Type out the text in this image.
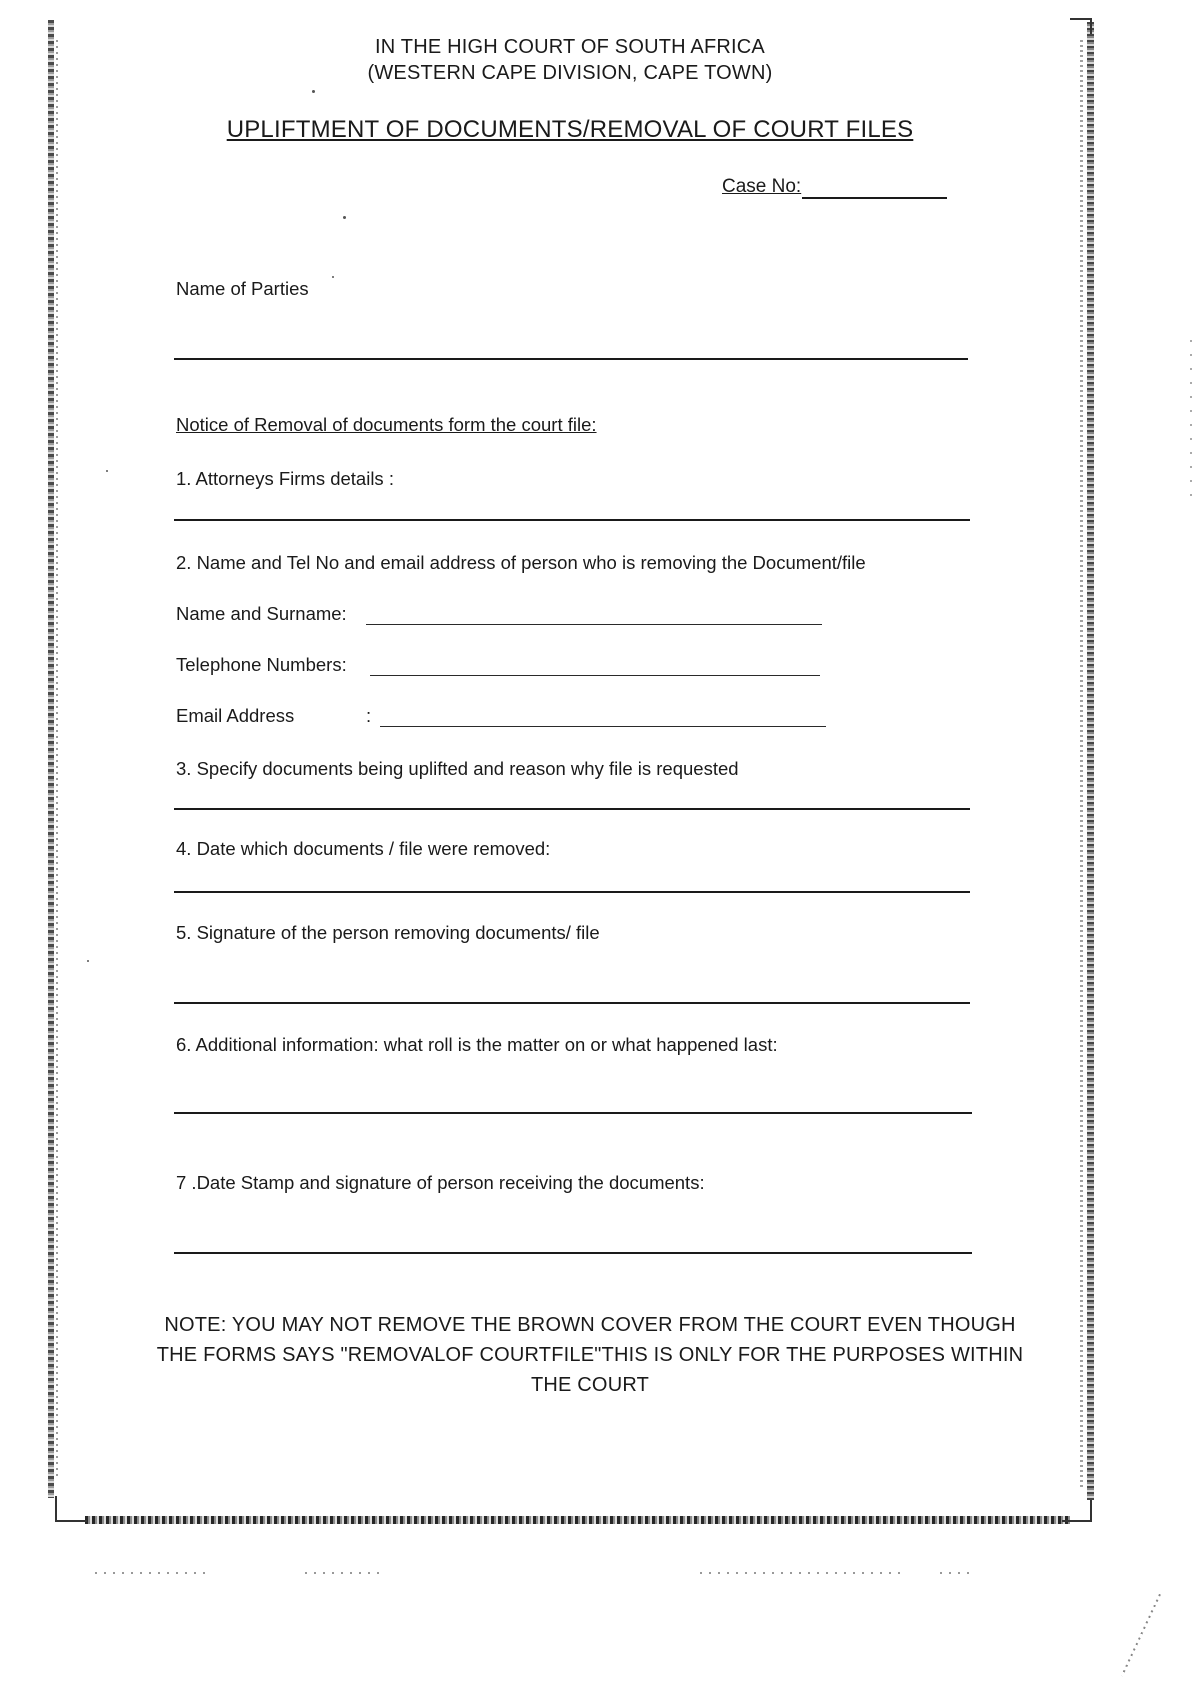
IN THE HIGH COURT OF SOUTH AFRICA
(WESTERN CAPE DIVISION, CAPE TOWN)
UPLIFTMENT OF DOCUMENTS/REMOVAL OF COURT FILES
Case No:
Name of Parties
Notice of Removal of documents form the court file:
1. Attorneys Firms details :
2. Name and Tel No and email address of person who is removing the Document/file
Name and Surname:
Telephone Numbers:
Email Address	:
3. Specify documents being uplifted and reason why file is requested
4. Date which documents / file were removed:
5. Signature of the person removing documents/ file
6. Additional information: what roll is the matter on or what happened last:
7 .Date Stamp and signature of person receiving the documents:
NOTE: YOU MAY NOT REMOVE THE BROWN COVER FROM THE COURT EVEN THOUGH THE FORMS SAYS "REMOVALOF COURTFILE"THIS IS ONLY FOR THE PURPOSES WITHIN THE COURT
